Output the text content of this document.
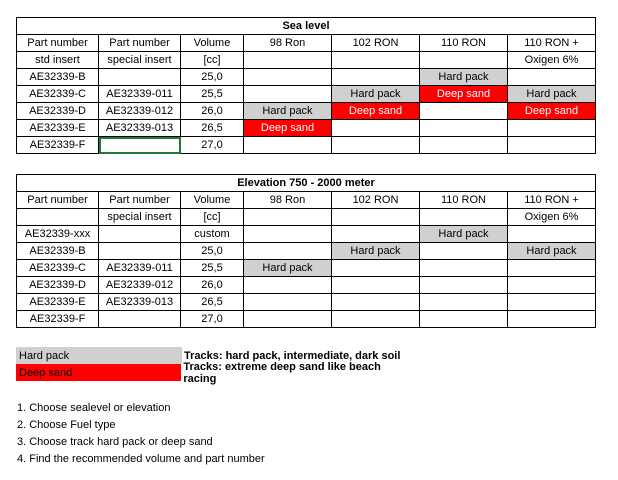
Sea level						
Part number	Part number	Volume	98 Ron	102 RON	110 RON	110 RON +
std insert	special insert	[cc]				Oxigen 6%
AE32339-B		25,0			Hard pack	
AE32339-C	AE32339-011	25,5		Hard pack	Deep sand	Hard pack
AE32339-D	AE32339-012	26,0	Hard pack	Deep sand		Deep sand
AE32339-E	AE32339-013	26,5	Deep sand			
AE32339-F		27,0				
Elevation 750 - 2000 meter						
Part number	Part number	Volume	98 Ron	102 RON	110 RON	110 RON +
	special insert	[cc]				Oxigen 6%
AE32339-xxx		custom			Hard pack	
AE32339-B		25,0		Hard pack		Hard pack
AE32339-C	AE32339-011	25,5	Hard pack			
AE32339-D	AE32339-012	26,0				
AE32339-E	AE32339-013	26,5				
AE32339-F		27,0				
Hard pack	Tracks: hard pack, intermediate, dark soil
Deep sand	Tracks: extreme deep sand like beach racing
1. Choose sealevel or elevation
2. Choose Fuel type
3. Choose track hard pack or deep sand
4. Find the recommended volume and part number
